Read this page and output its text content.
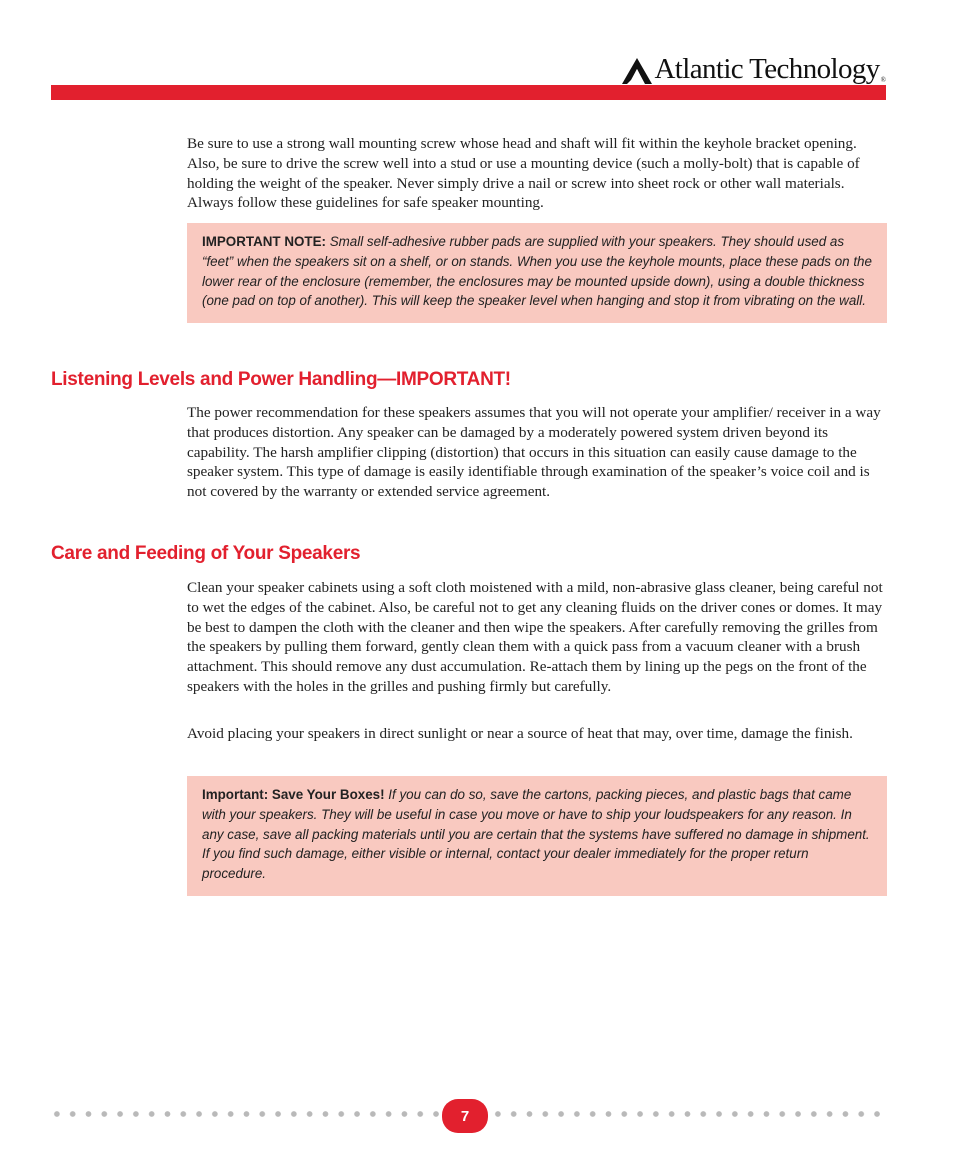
Atlantic Technology ®

Be sure to use a strong wall mounting screw whose head and shaft will fit within the keyhole bracket opening. Also, be sure to drive the screw well into a stud or use a mounting device (such a molly-bolt) that is capable of holding the weight of the speaker. Never simply drive a nail or screw into sheet rock or other wall materials. Always follow these guidelines for safe speaker mounting.

IMPORTANT NOTE: Small self-adhesive rubber pads are supplied with your speakers. They should used as “feet” when the speakers sit on a shelf, or on stands. When you use the keyhole mounts, place these pads on the lower rear of the enclosure (remember, the enclosures may be mounted upside down), using a double thickness (one pad on top of another). This will keep the speaker level when hanging and stop it from vibrating on the wall.
Listening Levels and Power Handling—IMPORTANT!

The power recommendation for these speakers assumes that you will not operate your amplifier/ receiver in a way that produces distortion. Any speaker can be damaged by a moderately powered system driven beyond its capability. The harsh amplifier clipping (distortion) that occurs in this situation can easily cause damage to the speaker system. This type of damage is easily identifiable through examination of the speaker’s voice coil and is not covered by the warranty or extended service agreement.

Care and Feeding of Your Speakers

Clean your speaker cabinets using a soft cloth moistened with a mild, non-abrasive glass cleaner, being careful not to wet the edges of the cabinet. Also, be careful not to get any cleaning fluids on the driver cones or domes. It may be best to dampen the cloth with the cleaner and then wipe the speakers. After carefully removing the grilles from the speakers by pulling them forward, gently clean them with a quick pass from a vacuum cleaner with a brush attachment. This should remove any dust accumulation. Re-attach them by lining up the pegs on the front of the speakers with the holes in the grilles and pushing firmly but carefully.

Avoid placing your speakers in direct sunlight or near a source of heat that may, over time, damage the finish.

Important: Save Your Boxes! If you can do so, save the cartons, packing pieces, and plastic bags that came with your speakers. They will be useful in case you move or have to ship your loudspeakers for any reason. In any case, save all packing materials until you are certain that the systems have suffered no damage in shipment. If you find such damage, either visible or internal, contact your dealer immediately for the proper return procedure.
7
